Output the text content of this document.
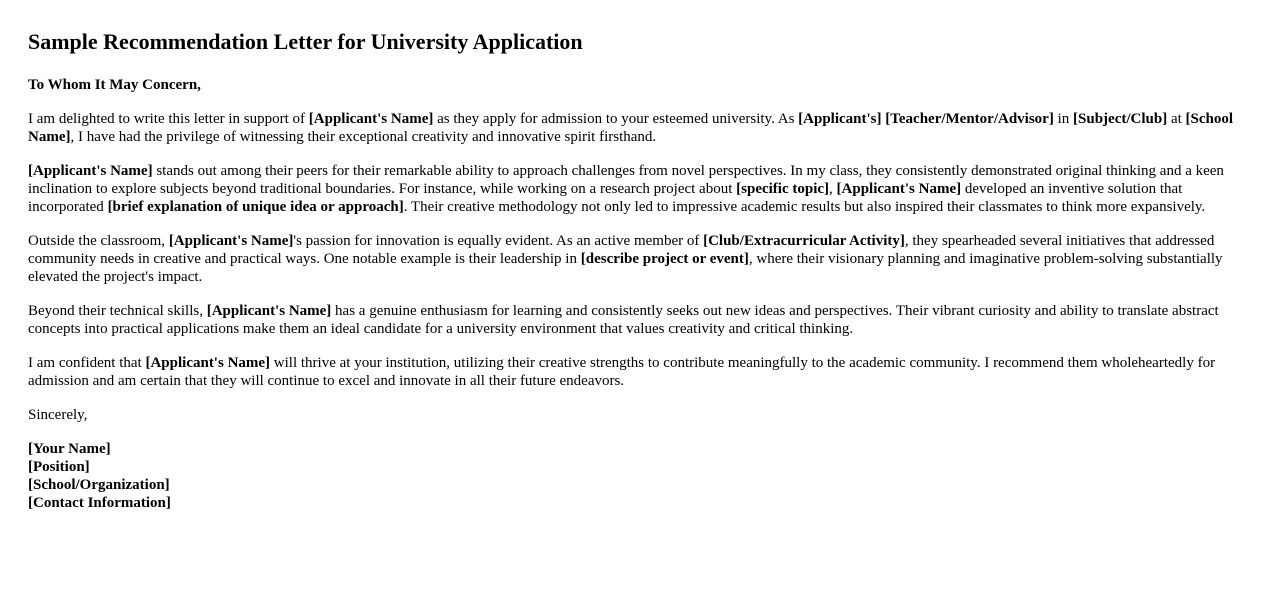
Sample Recommendation Letter for University Application

To Whom It May Concern,

I am delighted to write this letter in support of [Applicant's Name] as they apply for admission to your esteemed university. As [Applicant's] [Teacher/Mentor/Advisor] in [Subject/Club] at [School Name], I have had the privilege of witnessing their exceptional creativity and innovative spirit firsthand.

[Applicant's Name] stands out among their peers for their remarkable ability to approach challenges from novel perspectives. In my class, they consistently demonstrated original thinking and a keen inclination to explore subjects beyond traditional boundaries. For instance, while working on a research project about [specific topic], [Applicant's Name] developed an inventive solution that incorporated [brief explanation of unique idea or approach]. Their creative methodology not only led to impressive academic results but also inspired their classmates to think more expansively.

Outside the classroom, [Applicant's Name]'s passion for innovation is equally evident. As an active member of [Club/Extracurricular Activity], they spearheaded several initiatives that addressed community needs in creative and practical ways. One notable example is their leadership in [describe project or event], where their visionary planning and imaginative problem-solving substantially elevated the project's impact.

Beyond their technical skills, [Applicant's Name] has a genuine enthusiasm for learning and consistently seeks out new ideas and perspectives. Their vibrant curiosity and ability to translate abstract concepts into practical applications make them an ideal candidate for a university environment that values creativity and critical thinking.

I am confident that [Applicant's Name] will thrive at your institution, utilizing their creative strengths to contribute meaningfully to the academic community. I recommend them wholeheartedly for admission and am certain that they will continue to excel and innovate in all their future endeavors.

Sincerely,

[Your Name]
[Position]
[School/Organization]
[Contact Information]
